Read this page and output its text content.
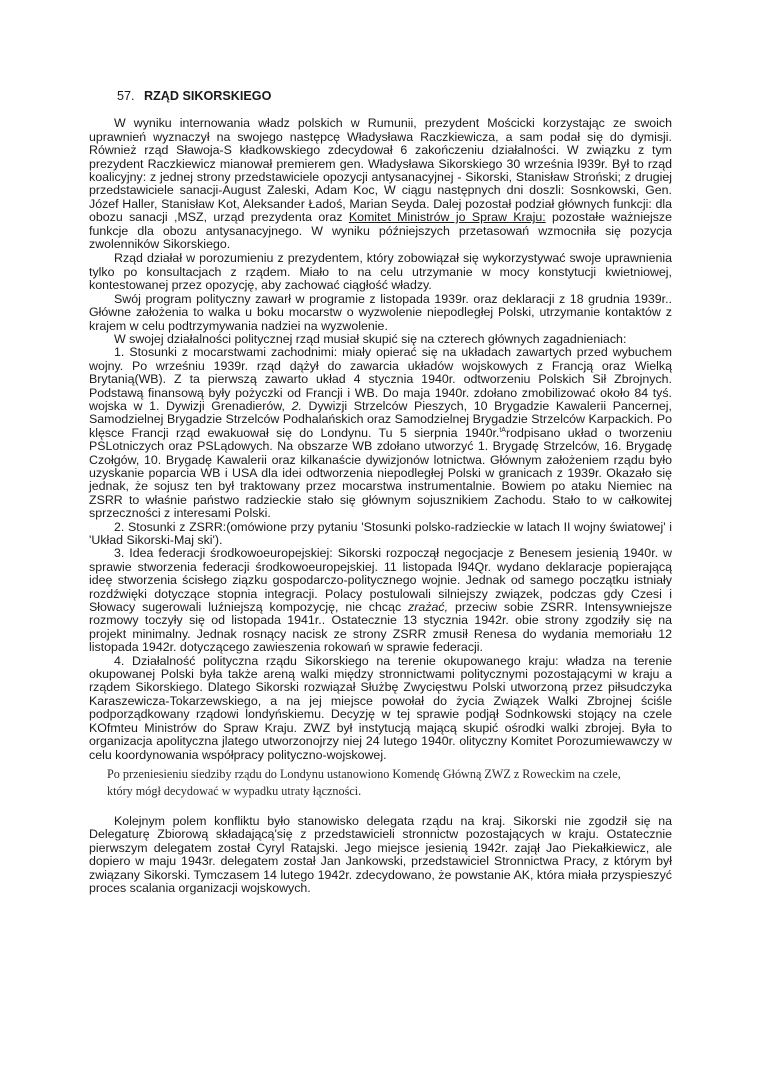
57. RZĄD SIKORSKIEGO

W wyniku internowania władz polskich w Rumunii, prezydent Mościcki korzystając ze swoich uprawnień wyznaczył na swojego następcę Władysława Raczkiewicza, a sam podał się do dymisji. Również rząd Sławoja-S kładkowskiego zdecydował 6 zakończeniu działalności. W związku z tym prezydent Raczkiewicz mianował premierem gen. Władysława Sikorskiego 30 września l939r. Był to rząd koalicyjny: z jednej strony przedstawiciele opozycji antysanacyjnej - Sikorski, Stanisław Stroński; z drugiej przedstawiciele sanacji-August Zaleski, Adam Koc, W ciągu następnych dni doszli: Sosnkowski, Gen. Józef Haller, Stanisław Kot, Aleksander Ładoś, Marian Seyda. Dalej pozostał podział głównych funkcji: dla obozu sanacji ,MSZ, urząd prezydenta oraz Komitet Ministrów jo Spraw Kraju: pozostałe ważniejsze funkcje dla obozu antysanacyjnego. W wyniku późniejszych przetasowań wzmocniła się pozycja zwolenników Sikorskiego.

Rząd działał w porozumieniu z prezydentem, który zobowiązał się wykorzystywać swoje uprawnienia tylko po konsultacjach z rządem. Miało to na celu utrzymanie w mocy konstytucji kwietniowej, kontestowanej przez opozycję, aby zachować ciągłość władzy.

Swój program polityczny zawarł w programie z listopada 1939r. oraz deklaracji z 18 grudnia 1939r.. Główne założenia to walka u boku mocarstw o wyzwolenie niepodległej Polski, utrzymanie kontaktów z krajem w celu podtrzymywania nadziei na wyzwolenie.

W swojej działalności politycznej rząd musiał skupić się na czterech głównych zagadnieniach:

1. Stosunki z mocarstwami zachodnimi: miały opierać się na układach zawartych przed wybuchem wojny. Po wrześniu 1939r. rząd dążył do zawarcia układów wojskowych z Francją oraz Wielką Brytanią(WB). Z ta pierwszą zawarto układ 4 stycznia 1940r. odtworzeniu Polskich Sił Zbrojnych. Podstawą finansową były pożyczki od Francji i WB. Do maja 1940r. zdołano zmobilizować około 84 tyś. wojska w 1. Dywizji Grenadierów, 2. Dywizji Strzelców Pieszych, 10 Brygadzie Kawalerii Pancernej, Samodzielnej Brygadzie Strzelców Podhalańskich oraz Samodzielnej Brygadzie Strzelców Karpackich. Po klęsce Francji rząd ewakuował się do Londynu. Tu 5 sierpnia 1940r.$^{tA}$rodpisano układ o tworzeniu PSLotniczych oraz PSLądowych. Na obszarze WB zdołano utworzyć 1. Brygadę Strzelców, 16. Brygadę Czołgów, 10. Brygadę Kawalerii oraz kilkanaście dywizjonów lotnictwa. Głównym założeniem rządu było uzyskanie poparcia WB i USA dla idei odtworzenia niepodległej Polski w granicach z 1939r. Okazało się jednak, że sojusz ten był traktowany przez mocarstwa instrumentalnie. Bowiem po ataku Niemiec na ZSRR to właśnie państwo radzieckie stało się głównym sojusznikiem Zachodu. Stało to w całkowitej sprzeczności z interesami Polski.

2. Stosunki z ZSRR:(omówione przy pytaniu 'Stosunki polsko-radzieckie w latach II wojny światowej' i 'Układ Sikorski-Maj ski').

3. Idea federacji środkowoeuropejskiej: Sikorski rozpoczął negocjacje z Benesem jesienią 1940r. w sprawie stworzenia federacji środkowoeuropejskiej. 11 listopada l94Qr. wydano deklaracje popierającą ideę stworzenia ścisłego ziązku gospodarczo-politycznego wojnie. Jednak od samego początku istniały rozdźwięki dotyczące stopnia integracji. Polacy postulowali silniejszy związek, podczas gdy Czesi i Słowacy sugerowali luźniejszą kompozycję, nie chcąc zrażać, przeciw sobie ZSRR. Intensywniejsze rozmowy toczyły się od listopada 1941r.. Ostatecznie 13 stycznia 1942r. obie strony zgodziły się na projekt minimalny. Jednak rosnący nacisk ze strony ZSRR zmusił Renesa do wydania memoriału 12 listopada 1942r. dotyczącego zawieszenia rokowań w sprawie federacji.

4. Działalność polityczna rządu Sikorskiego na terenie okupowanego kraju: władza na terenie okupowanej Polski była także areną walki między stronnictwami politycznymi pozostającymi w kraju a rządem Sikorskiego. Dlatego Sikorski rozwiązał Służbę Zwycięstwu Polski utworzoną przez piłsudczyka Karaszewicza-Tokarzewskiego, a na jej miejsce powołał do życia Związek Walki Zbrojnej ściśle podporządkowany rządowi londyńskiemu. Decyzję w tej sprawie podjął Sodnkowski stojący na czele KOfmteu Ministrów do Spraw Kraju. ZWZ był instytucją mającą skupić ośrodki walki zbrojej. Była to organizacja apolityczna jlatego utworzonojrzy niej 24 lutego 1940r. olityczny Komitet Porozumiewawczy w celu koordynowania współpracy polityczno-wojskowej.

Po przeniesieniu siedziby rządu do Londynu ustanowiono Komendę Główną ZWZ z Roweckim na czele,
który mógł decydować w wypadku utraty łączności.

Kolejnym polem konfliktu było stanowisko delegata rządu na kraj. Sikorski nie zgodził się na Delegaturę Zbiorową składającą'się z przedstawicieli stronnictw pozostających w kraju. Ostatecznie pierwszym delegatem został Cyryl Ratajski. Jego miejsce jesienią 1942r. zajął Jao Piekałkiewicz, ale dopiero w maju 1943r. delegatem został Jan Jankowski, przedstawiciel Stronnictwa Pracy, z którym był związany Sikorski. Tymczasem 14 lutego 1942r. zdecydowano, że powstanie AK, która miała przyspieszyć proces scalania organizacji wojskowych.
